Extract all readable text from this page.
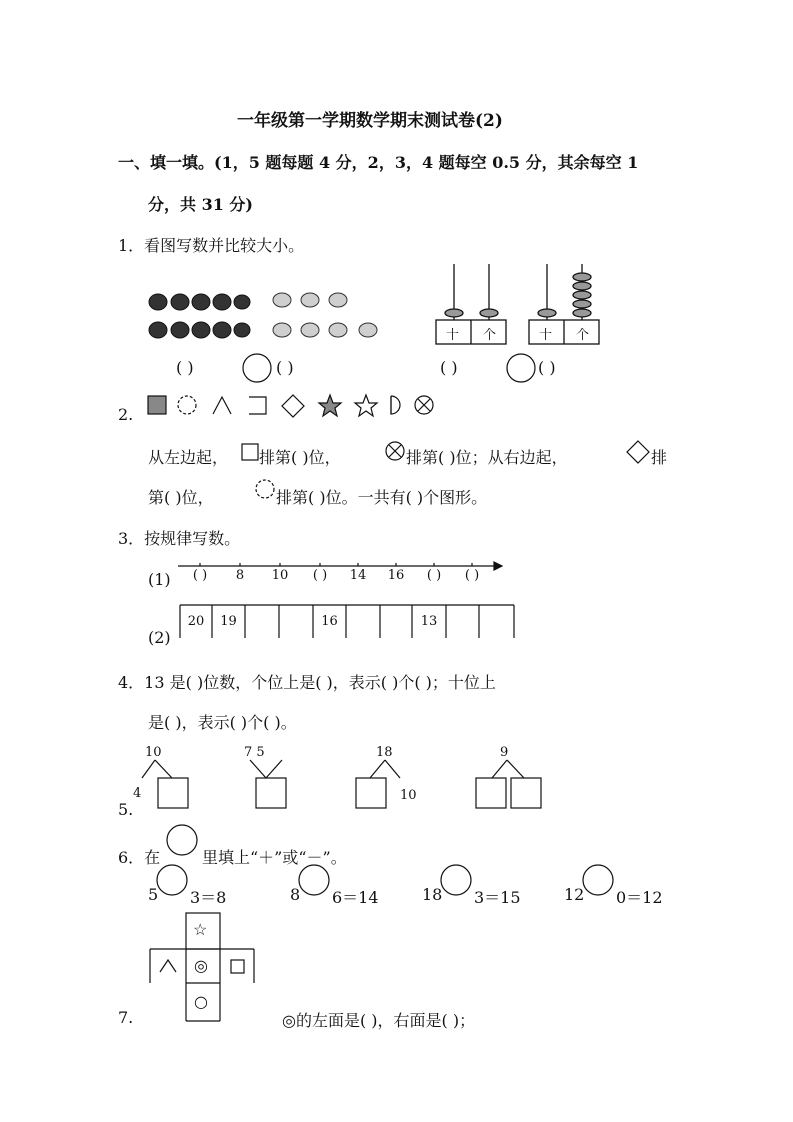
一年级第一学期数学期末测试卷(2)
一、填一填。(1，5 题每题 4 分，2，3，4 题每空 0.5 分，其余每空 1
分，共 31 分)
1．看图写数并比较大小。
十 个	十 个
( )	( )	( )	( )
2.
从左边起， 排第( )位，	排第( )位；从右边起，	排
第( )位，	排第( )位。一共有( )个图形。
3．按规律写数。
(1)	( )	8	10	( )	14	16	( )	( )
(2)
20	19	16	13
4．13 是( )位数，个位上是( )，表示( )个( )；十位上
是( )，表示( )个( )。
5.
10
4
7 5	18
10
9
6．在	里填上“＋”或“－”。
5 3＝8	8 6＝14	18 3＝15	12 0＝12
☆
◎
○
7.	◎的左面是( )，右面是( )；
